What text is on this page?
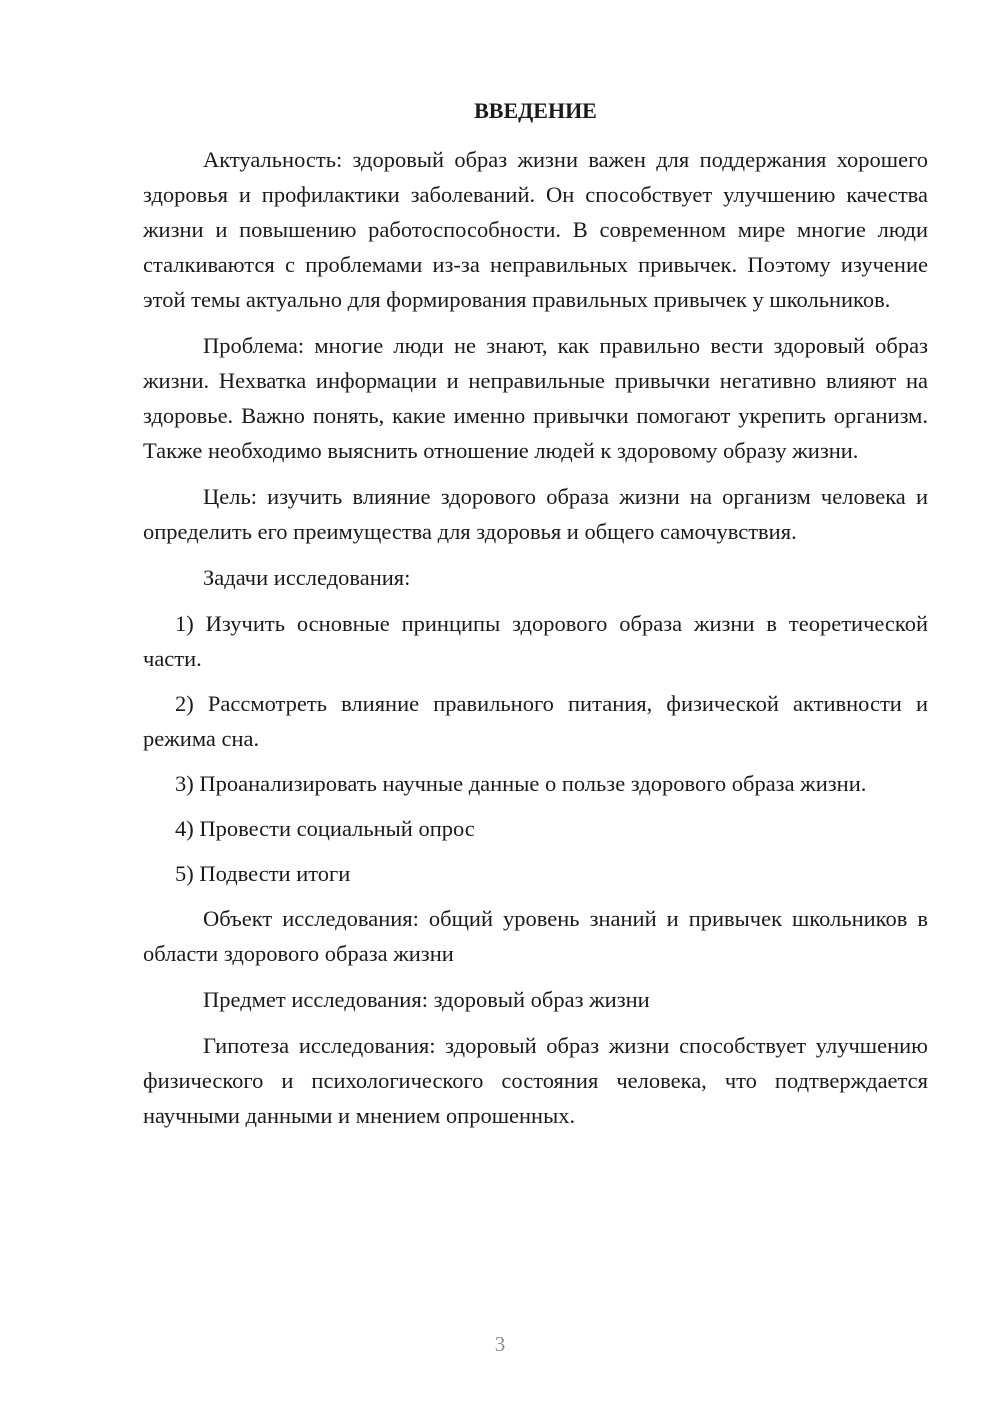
ВВЕДЕНИЕ

Актуальность: здоровый образ жизни важен для поддержания хорошего здоровья и профилактики заболеваний. Он способствует улучшению качества жизни и повышению работоспособности. В современном мире многие люди сталкиваются с проблемами из-за неправильных привычек. Поэтому изучение этой темы актуально для формирования правильных привычек у школьников.

Проблема: многие люди не знают, как правильно вести здоровый образ жизни. Нехватка информации и неправильные привычки негативно влияют на здоровье. Важно понять, какие именно привычки помогают укрепить организм. Также необходимо выяснить отношение людей к здоровому образу жизни.

Цель: изучить влияние здорового образа жизни на организм человека и определить его преимущества для здоровья и общего самочувствия.

Задачи исследования:

1) Изучить основные принципы здорового образа жизни в теоретической части.

2) Рассмотреть влияние правильного питания, физической активности и режима сна.

3) Проанализировать научные данные о пользе здорового образа жизни.

4) Провести социальный опрос

5) Подвести итоги

Объект исследования: общий уровень знаний и привычек школьников в области здорового образа жизни

Предмет исследования: здоровый образ жизни

Гипотеза исследования: здоровый образ жизни способствует улучшению физического и психологического состояния человека, что подтверждается научными данными и мнением опрошенных.

3
